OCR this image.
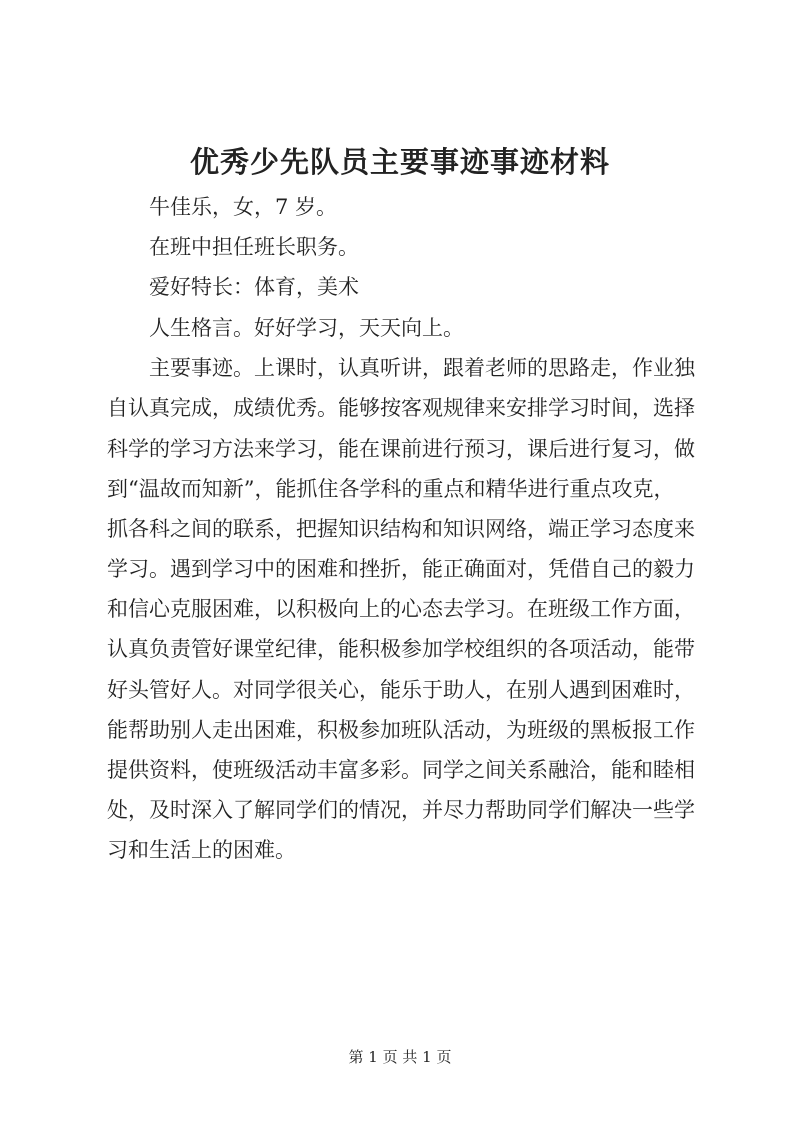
优秀少先队员主要事迹事迹材料
牛佳乐，女，7 岁。
在班中担任班长职务。
爱好特长：体育，美术
人生格言。好好学习，天天向上。
主要事迹。上课时，认真听讲，跟着老师的思路走，作业独
自认真完成，成绩优秀。能够按客观规律来安排学习时间，选择
科学的学习方法来学习，能在课前进行预习，课后进行复习，做
到“温故而知新”，能抓住各学科的重点和精华进行重点攻克，
抓各科之间的联系，把握知识结构和知识网络，端正学习态度来
学习。遇到学习中的困难和挫折，能正确面对，凭借自己的毅力
和信心克服困难，以积极向上的心态去学习。在班级工作方面，
认真负责管好课堂纪律，能积极参加学校组织的各项活动，能带
好头管好人。对同学很关心，能乐于助人，在别人遇到困难时，
能帮助别人走出困难，积极参加班队活动，为班级的黑板报工作
提供资料，使班级活动丰富多彩。同学之间关系融洽，能和睦相
处，及时深入了解同学们的情况，并尽力帮助同学们解决一些学
习和生活上的困难。
第 1 页 共 1 页
